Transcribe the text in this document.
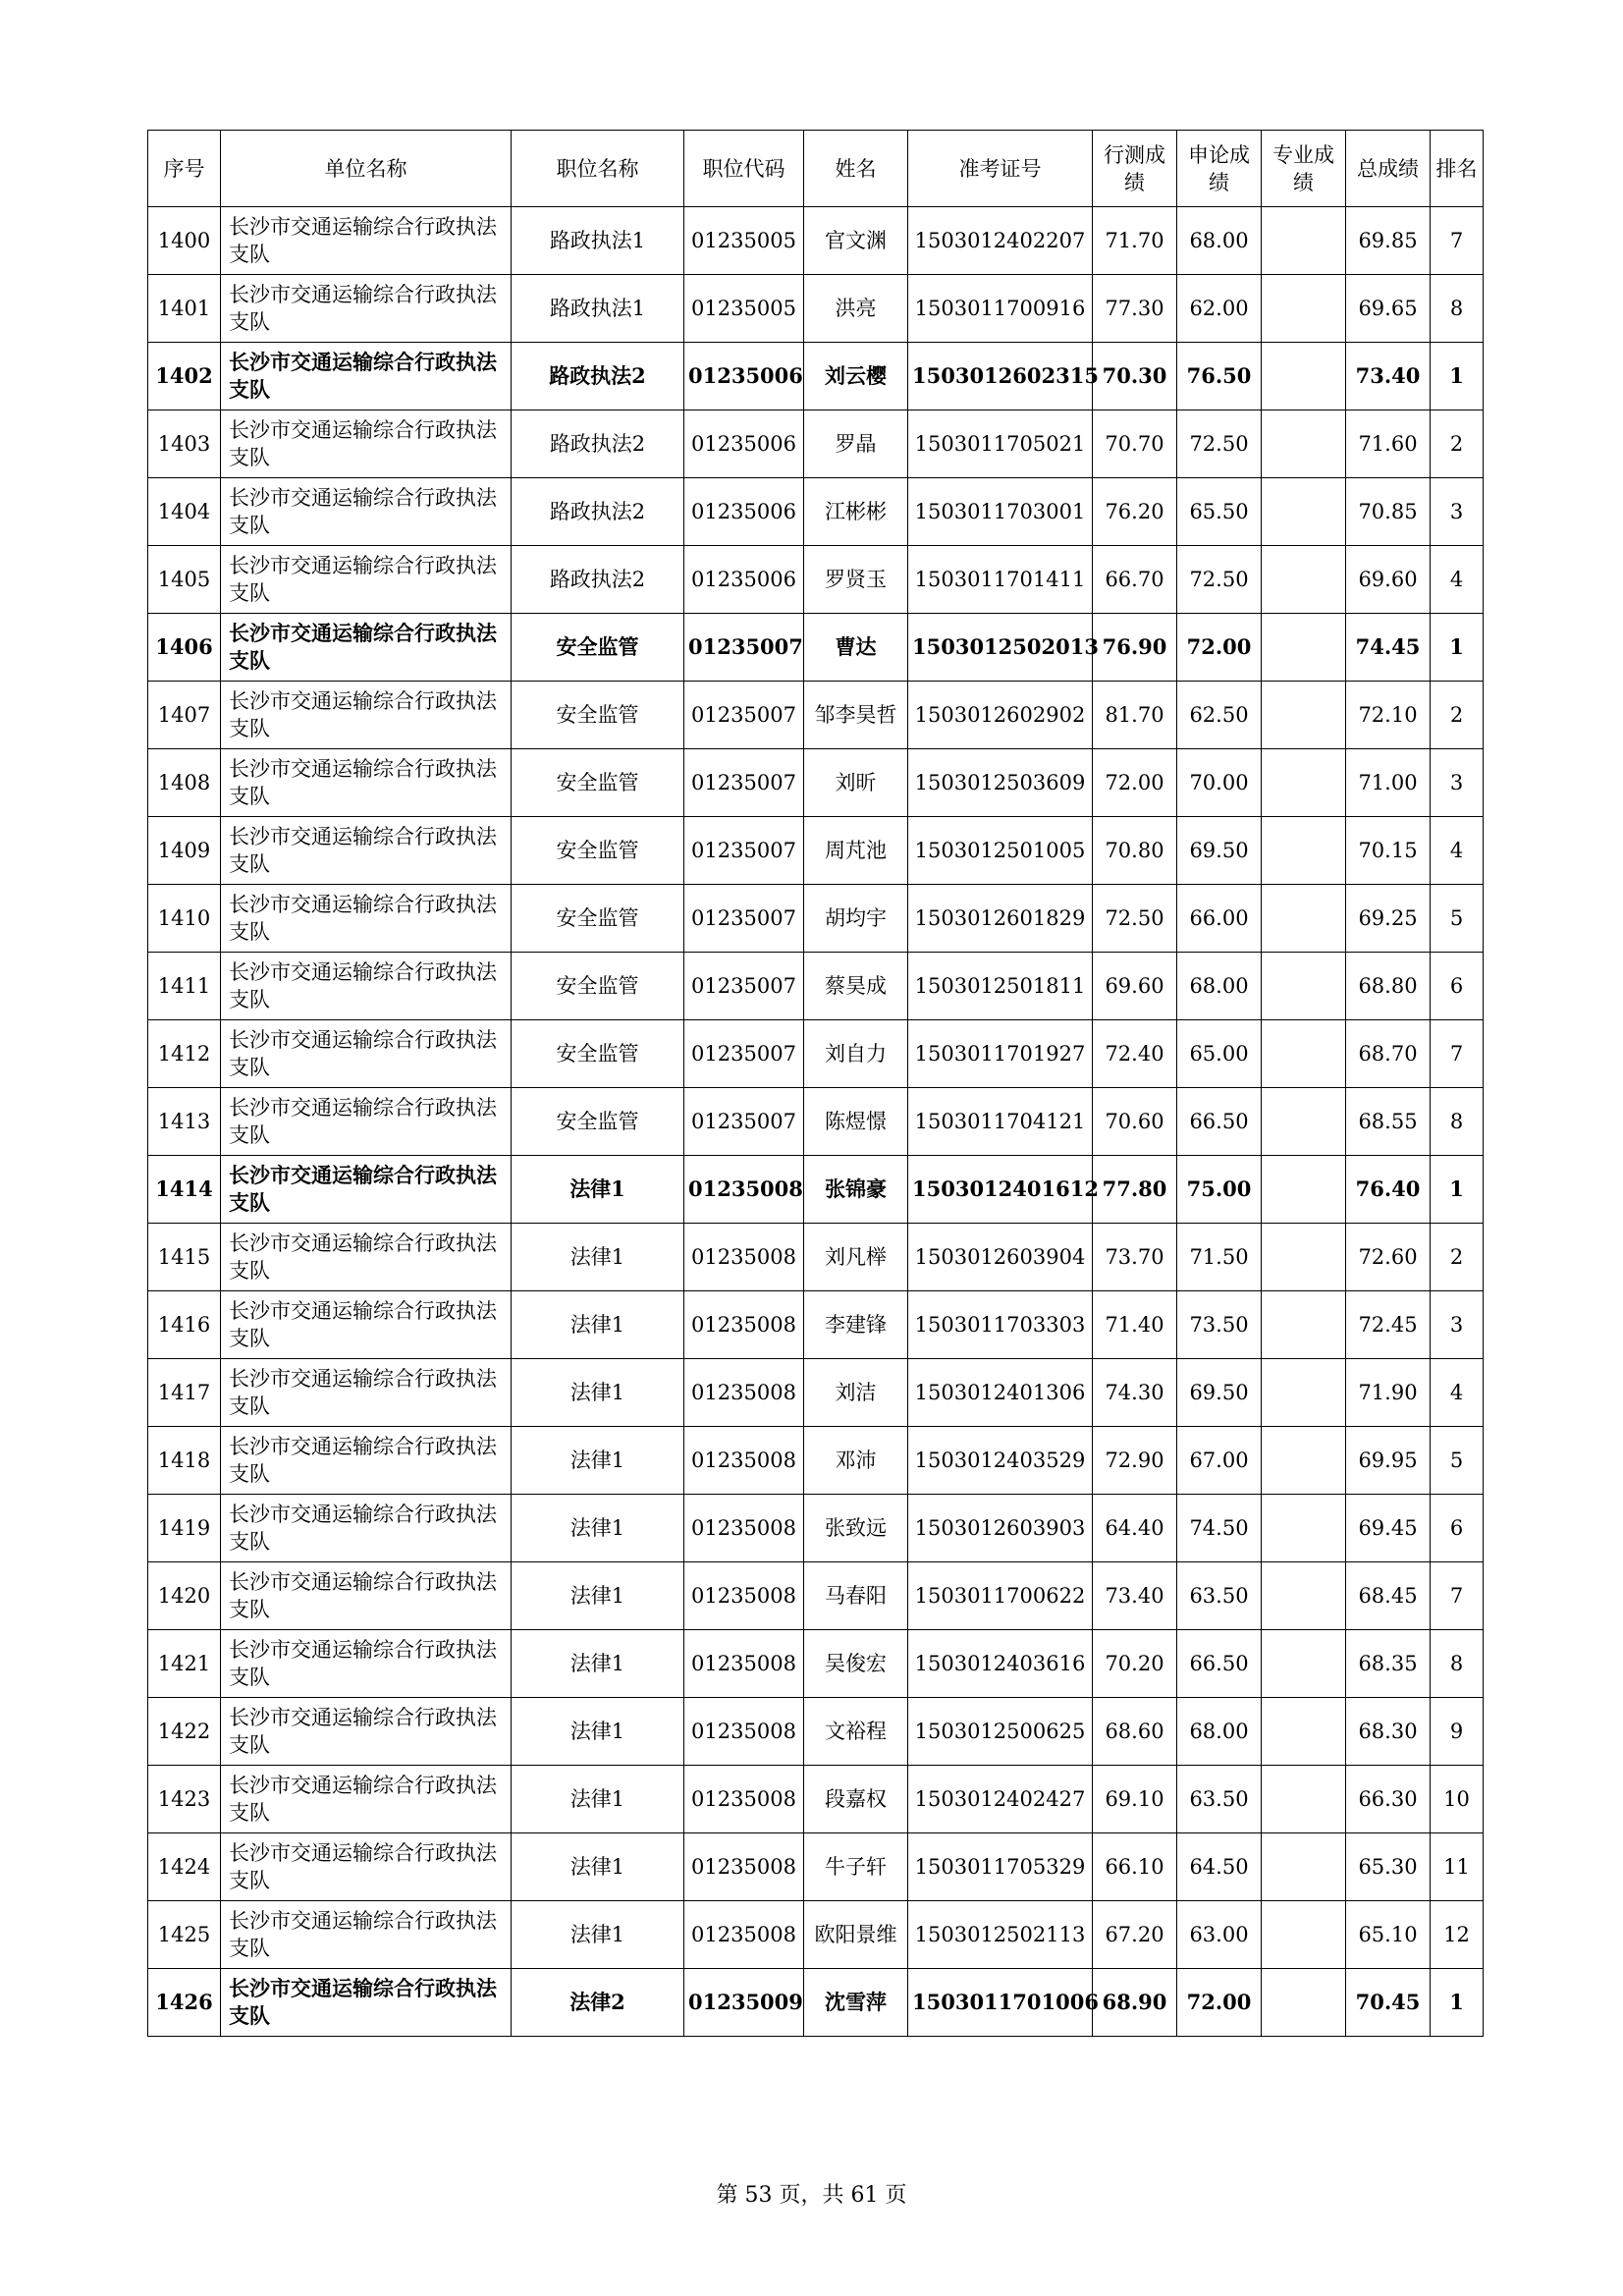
序号	单位名称	职位名称	职位代码	姓名	准考证号	行测成绩	申论成绩	专业成绩	总成绩	排名
1400	长沙市交通运输综合行政执法支队	路政执法1	01235005	官文渊	1503012402207	71.70	68.00		69.85	7
1401	长沙市交通运输综合行政执法支队	路政执法1	01235005	洪亮	1503011700916	77.30	62.00		69.65	8
1402	长沙市交通运输综合行政执法支队	路政执法2	01235006	刘云樱	1503012602315	70.30	76.50		73.40	1
1403	长沙市交通运输综合行政执法支队	路政执法2	01235006	罗晶	1503011705021	70.70	72.50		71.60	2
1404	长沙市交通运输综合行政执法支队	路政执法2	01235006	江彬彬	1503011703001	76.20	65.50		70.85	3
1405	长沙市交通运输综合行政执法支队	路政执法2	01235006	罗贤玉	1503011701411	66.70	72.50		69.60	4
1406	长沙市交通运输综合行政执法支队	安全监管	01235007	曹达	1503012502013	76.90	72.00		74.45	1
1407	长沙市交通运输综合行政执法支队	安全监管	01235007	邹李昊哲	1503012602902	81.70	62.50		72.10	2
1408	长沙市交通运输综合行政执法支队	安全监管	01235007	刘昕	1503012503609	72.00	70.00		71.00	3
1409	长沙市交通运输综合行政执法支队	安全监管	01235007	周芃池	1503012501005	70.80	69.50		70.15	4
1410	长沙市交通运输综合行政执法支队	安全监管	01235007	胡均宇	1503012601829	72.50	66.00		69.25	5
1411	长沙市交通运输综合行政执法支队	安全监管	01235007	蔡昊成	1503012501811	69.60	68.00		68.80	6
1412	长沙市交通运输综合行政执法支队	安全监管	01235007	刘自力	1503011701927	72.40	65.00		68.70	7
1413	长沙市交通运输综合行政执法支队	安全监管	01235007	陈煜憬	1503011704121	70.60	66.50		68.55	8
1414	长沙市交通运输综合行政执法支队	法律1	01235008	张锦豪	1503012401612	77.80	75.00		76.40	1
1415	长沙市交通运输综合行政执法支队	法律1	01235008	刘凡榉	1503012603904	73.70	71.50		72.60	2
1416	长沙市交通运输综合行政执法支队	法律1	01235008	李建锋	1503011703303	71.40	73.50		72.45	3
1417	长沙市交通运输综合行政执法支队	法律1	01235008	刘洁	1503012401306	74.30	69.50		71.90	4
1418	长沙市交通运输综合行政执法支队	法律1	01235008	邓沛	1503012403529	72.90	67.00		69.95	5
1419	长沙市交通运输综合行政执法支队	法律1	01235008	张致远	1503012603903	64.40	74.50		69.45	6
1420	长沙市交通运输综合行政执法支队	法律1	01235008	马春阳	1503011700622	73.40	63.50		68.45	7
1421	长沙市交通运输综合行政执法支队	法律1	01235008	吴俊宏	1503012403616	70.20	66.50		68.35	8
1422	长沙市交通运输综合行政执法支队	法律1	01235008	文裕程	1503012500625	68.60	68.00		68.30	9
1423	长沙市交通运输综合行政执法支队	法律1	01235008	段嘉权	1503012402427	69.10	63.50		66.30	10
1424	长沙市交通运输综合行政执法支队	法律1	01235008	牛子轩	1503011705329	66.10	64.50		65.30	11
1425	长沙市交通运输综合行政执法支队	法律1	01235008	欧阳景维	1503012502113	67.20	63.00		65.10	12
1426	长沙市交通运输综合行政执法支队	法律2	01235009	沈雪萍	1503011701006	68.90	72.00		70.45	1
第 53 页，共 61 页
